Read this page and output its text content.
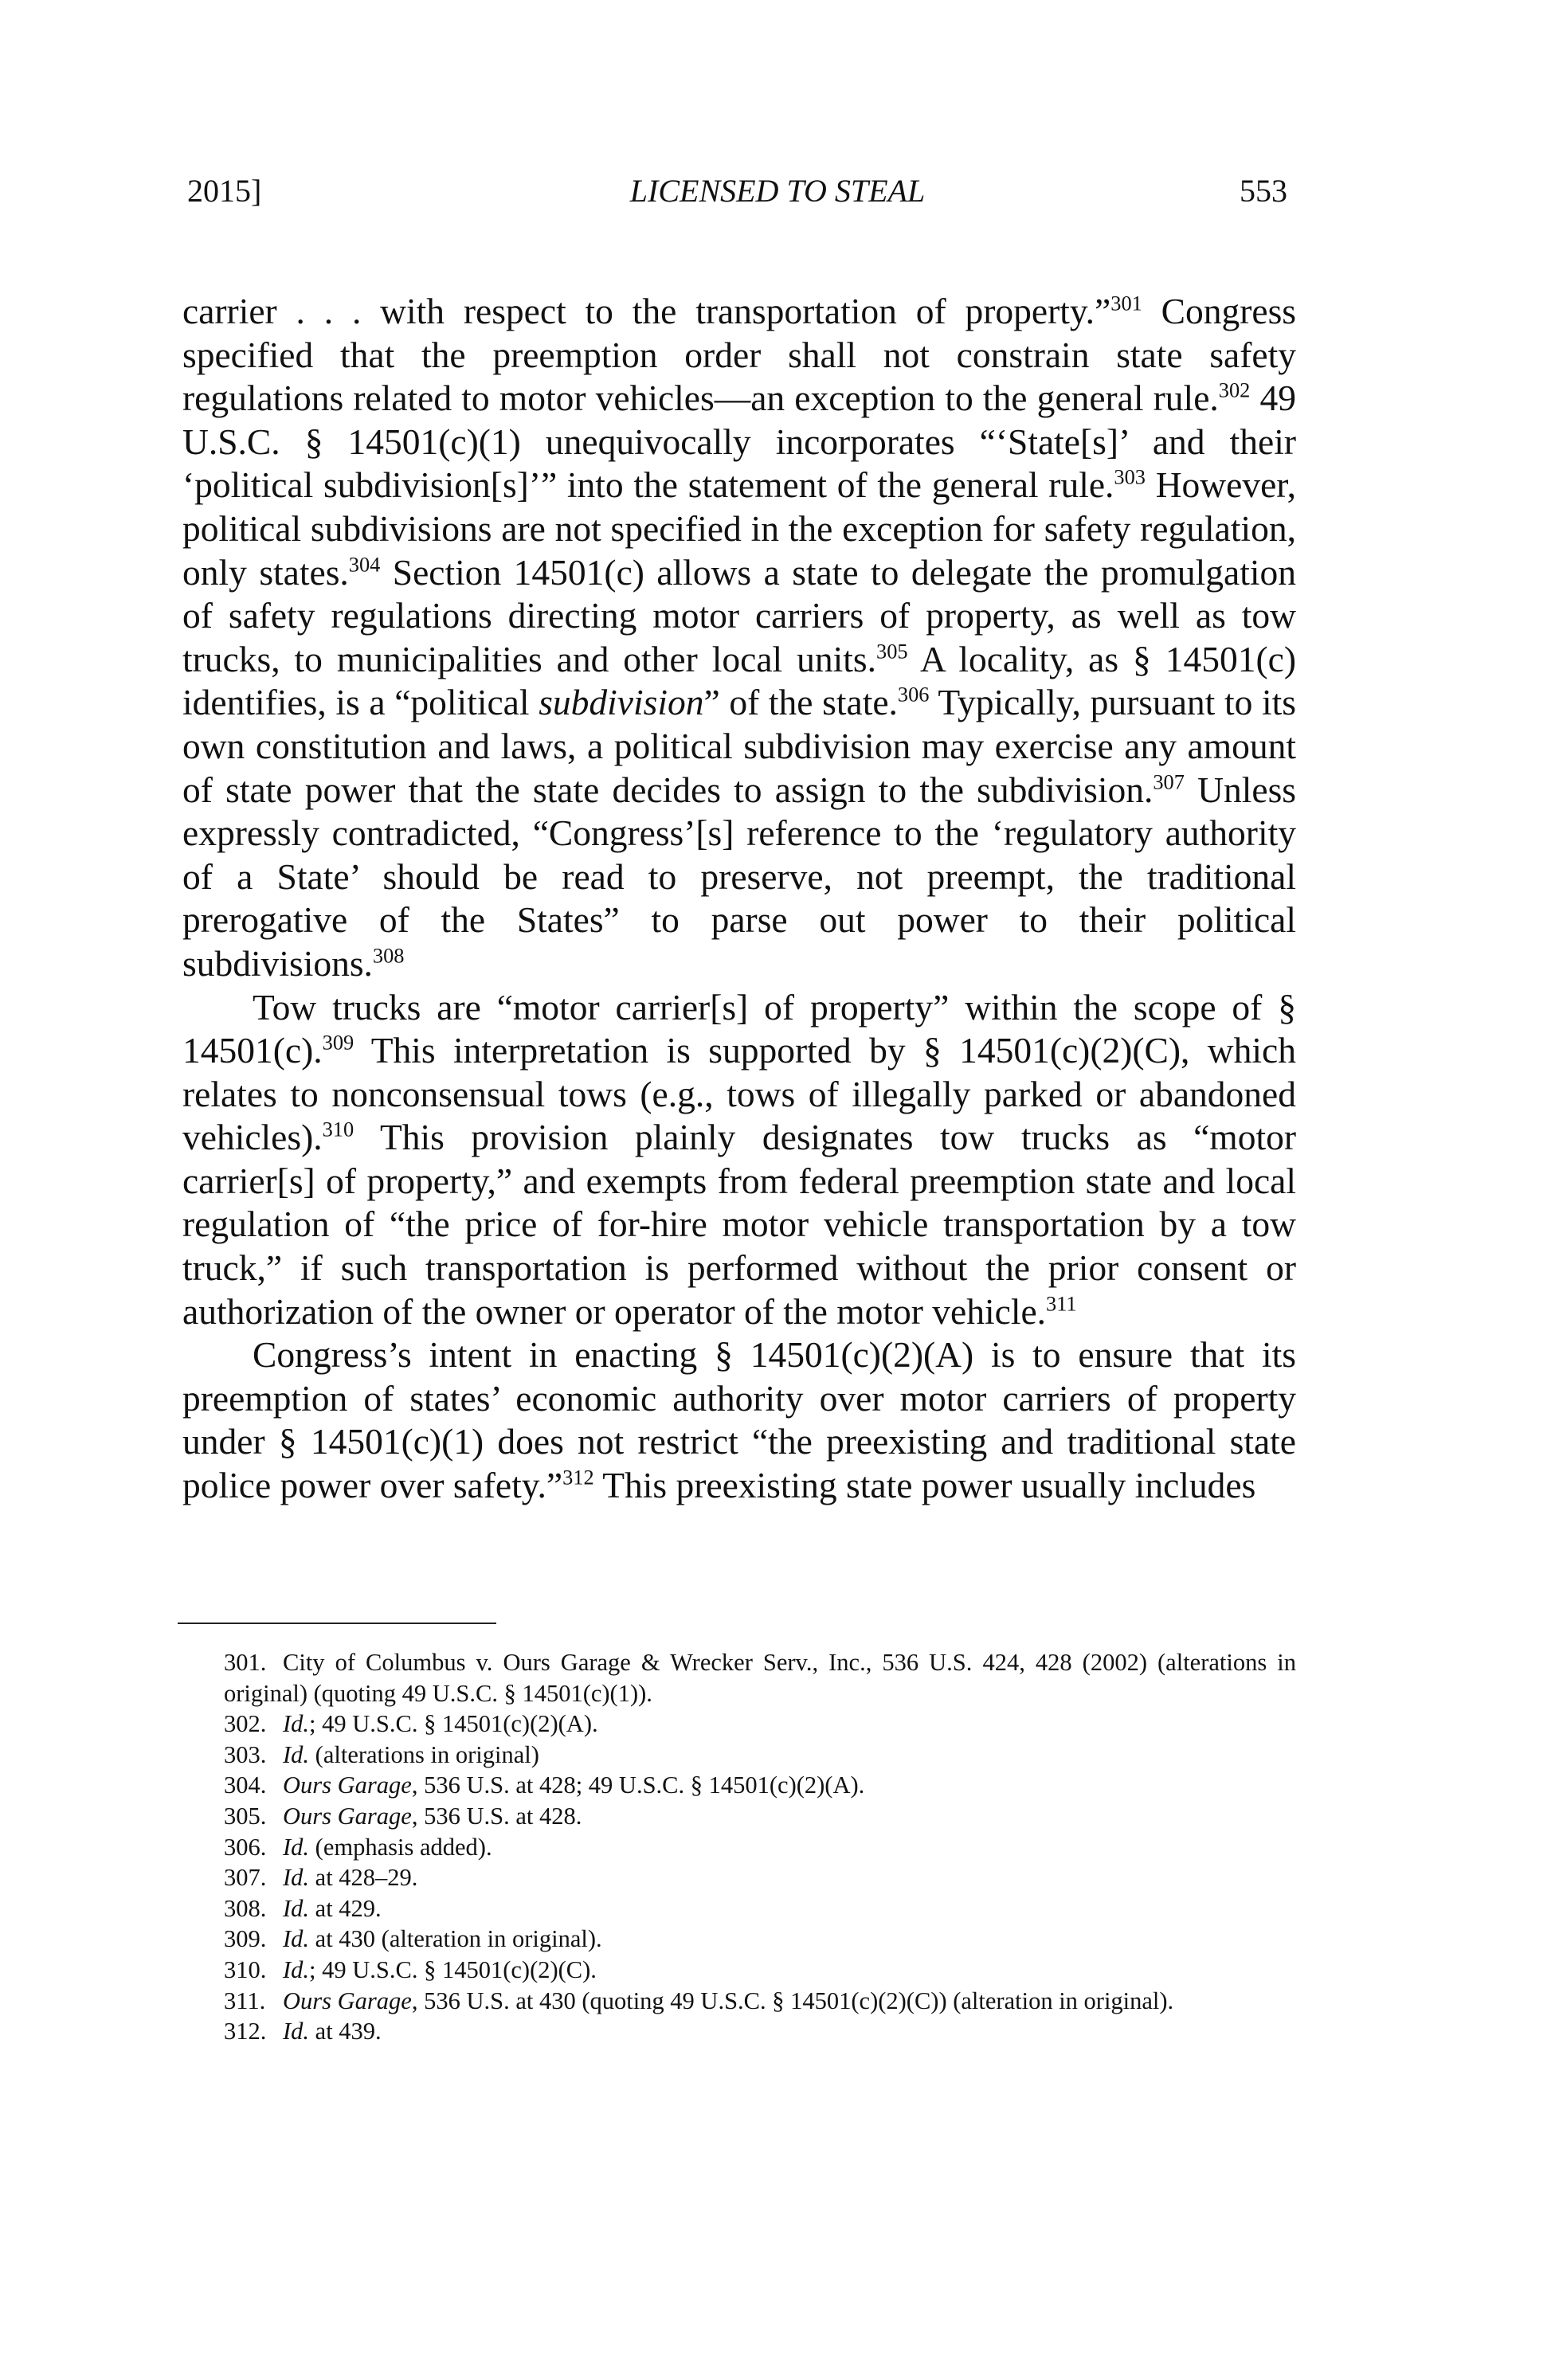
2015]	LICENSED TO STEAL	553

carrier . . . with respect to the transportation of property.”$^{301}$ Congress specified that the preemption order shall not constrain state safety regulations related to motor vehicles—an exception to the general rule.$^{302}$ 49 U.S.C. § 14501(c)(1) unequivocally incorporates “‘State[s]’ and their ‘political subdivision[s]’” into the statement of the general rule.$^{303}$ However, political subdivisions are not specified in the exception for safety regulation, only states.$^{304}$ Section 14501(c) allows a state to delegate the promulgation of safety regulations directing motor carriers of property, as well as tow trucks, to municipalities and other local units.$^{305}$ A locality, as § 14501(c) identifies, is a “political subdivision” of the state.$^{306}$ Typically, pursuant to its own constitution and laws, a political subdivision may exercise any amount of state power that the state decides to assign to the subdivision.$^{307}$ Unless expressly contradicted, “Congress’[s] reference to the ‘regulatory authority of a State’ should be read to preserve, not preempt, the traditional prerogative of the States” to parse out power to their political subdivisions.$^{308}$

Tow trucks are “motor carrier[s] of property” within the scope of § 14501(c).$^{309}$ This interpretation is supported by § 14501(c)(2)(C), which relates to nonconsensual tows (e.g., tows of illegally parked or abandoned vehicles).$^{310}$ This provision plainly designates tow trucks as “motor carrier[s] of property,” and exempts from federal preemption state and local regulation of “the price of for-hire motor vehicle transportation by a tow truck,” if such transportation is performed without the prior consent or authorization of the owner or operator of the motor vehicle.$^{311}$

Congress’s intent in enacting § 14501(c)(2)(A) is to ensure that its preemption of states’ economic authority over motor carriers of property under § 14501(c)(1) does not restrict “the preexisting and traditional state police power over safety.”$^{312}$ This preexisting state power usually includes

301. City of Columbus v. Ours Garage & Wrecker Serv., Inc., 536 U.S. 424, 428 (2002) (alterations in original) (quoting 49 U.S.C. § 14501(c)(1)).
302. Id.; 49 U.S.C. § 14501(c)(2)(A).
303. Id. (alterations in original)
304. Ours Garage, 536 U.S. at 428; 49 U.S.C. § 14501(c)(2)(A).
305. Ours Garage, 536 U.S. at 428.
306. Id. (emphasis added).
307. Id. at 428–29.
308. Id. at 429.
309. Id. at 430 (alteration in original).
310. Id.; 49 U.S.C. § 14501(c)(2)(C).
311. Ours Garage, 536 U.S. at 430 (quoting 49 U.S.C. § 14501(c)(2)(C)) (alteration in original).
312. Id. at 439.
